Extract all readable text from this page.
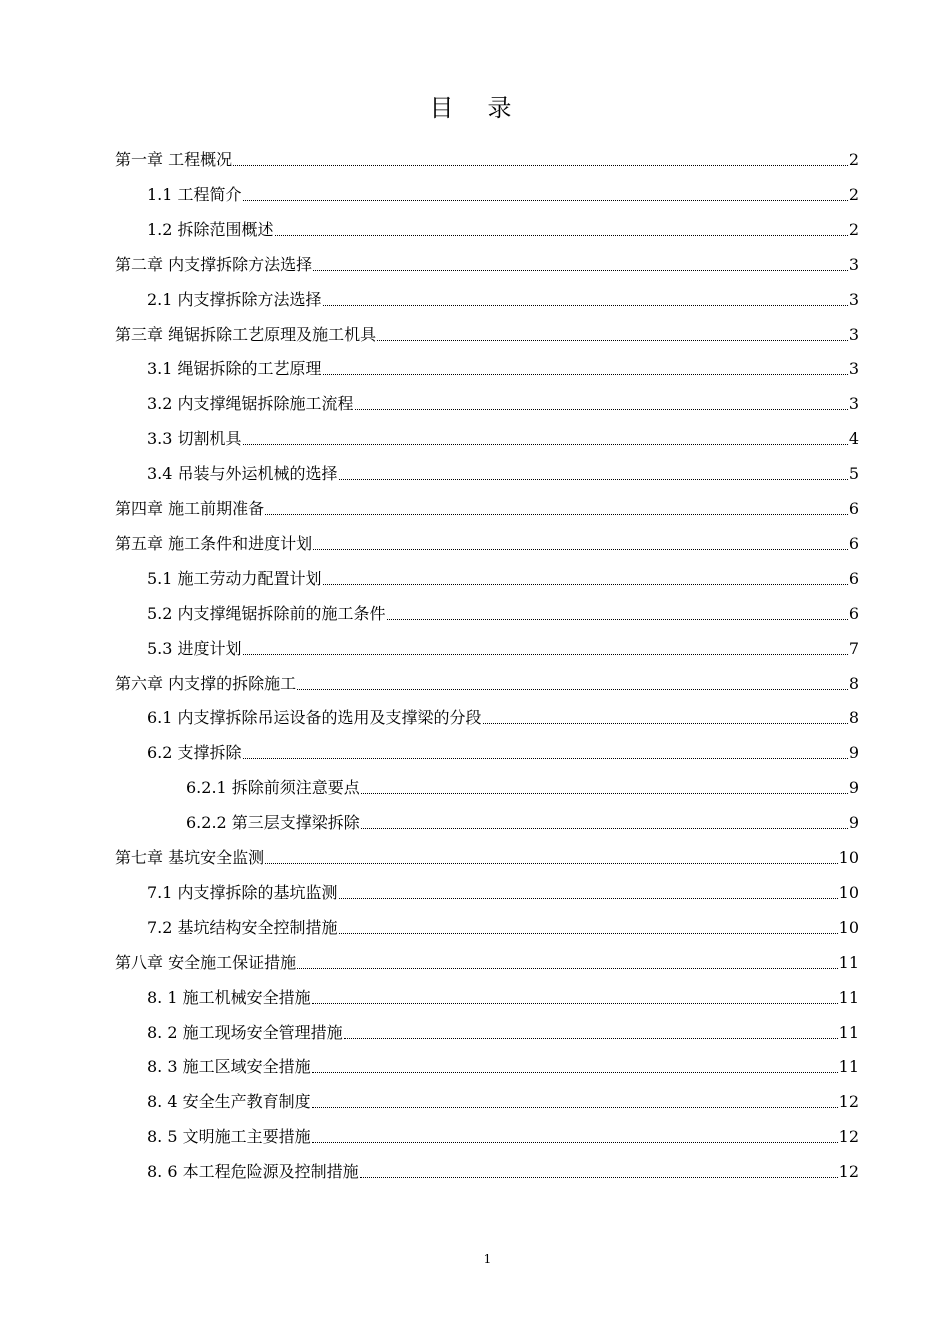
目录
第一章 工程概况	2
1.1 工程简介	2
1.2 拆除范围概述	2
第二章 内支撑拆除方法选择	3
2.1 内支撑拆除方法选择	3
第三章 绳锯拆除工艺原理及施工机具	3
3.1 绳锯拆除的工艺原理	3
3.2 内支撑绳锯拆除施工流程	3
3.3 切割机具	4
3.4 吊装与外运机械的选择	5
第四章 施工前期准备	6
第五章 施工条件和进度计划	6
5.1 施工劳动力配置计划	6
5.2 内支撑绳锯拆除前的施工条件	6
5.3 进度计划	7
第六章 内支撑的拆除施工	8
6.1 内支撑拆除吊运设备的选用及支撑梁的分段	8
6.2 支撑拆除	9
6.2.1 拆除前须注意要点	9
6.2.2 第三层支撑梁拆除	9
第七章 基坑安全监测	10
7.1 内支撑拆除的基坑监测	10
7.2 基坑结构安全控制措施	10
第八章 安全施工保证措施	11
8. 1 施工机械安全措施	11
8. 2 施工现场安全管理措施	11
8. 3 施工区域安全措施	11
8. 4 安全生产教育制度	12
8. 5 文明施工主要措施	12
8. 6 本工程危险源及控制措施	12
1
